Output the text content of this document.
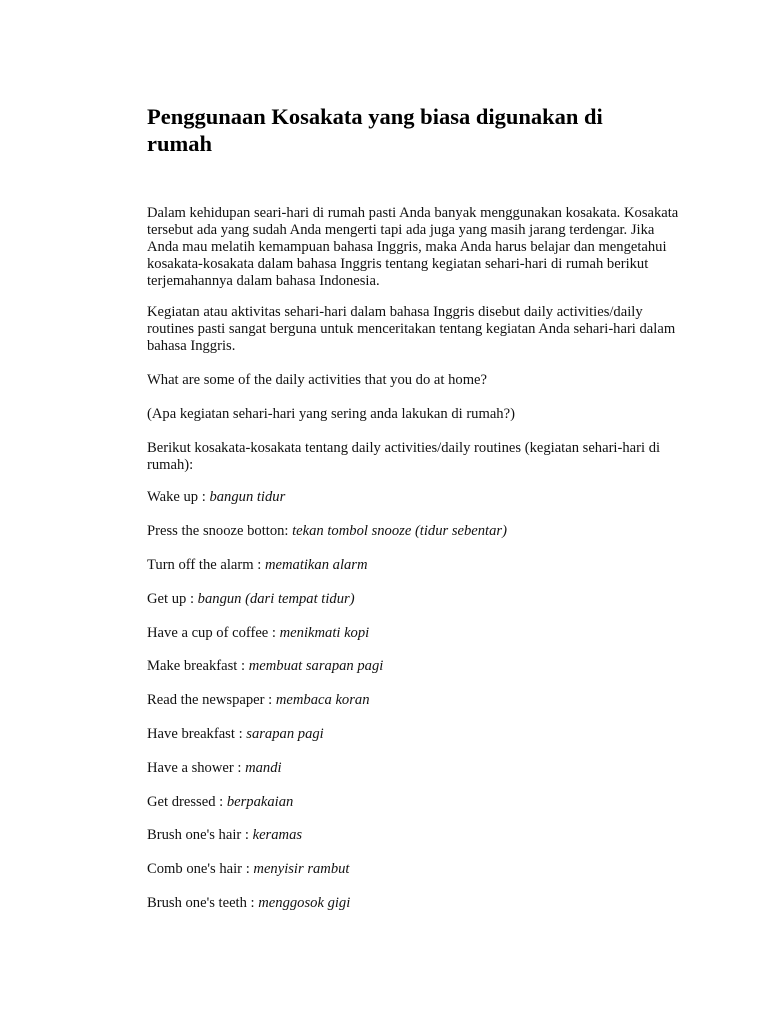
Penggunaan Kosakata yang biasa digunakan di rumah

Dalam kehidupan seari-hari di rumah pasti Anda banyak menggunakan kosakata. Kosakata tersebut ada yang sudah Anda mengerti tapi ada juga yang masih jarang terdengar. Jika Anda mau melatih kemampuan bahasa Inggris, maka Anda harus belajar dan mengetahui kosakata-kosakata dalam bahasa Inggris tentang kegiatan sehari-hari di rumah berikut terjemahannya dalam bahasa Indonesia.

Kegiatan atau aktivitas sehari-hari dalam bahasa Inggris disebut daily activities/daily routines pasti sangat berguna untuk menceritakan tentang kegiatan Anda sehari-hari dalam bahasa Inggris.

What are some of the daily activities that you do at home?

(Apa kegiatan sehari-hari yang sering anda lakukan di rumah?)

Berikut kosakata-kosakata tentang daily activities/daily routines (kegiatan sehari-hari di rumah):

Wake up : bangun tidur
Press the snooze botton: tekan tombol snooze (tidur sebentar)
Turn off the alarm : mematikan alarm
Get up : bangun (dari tempat tidur)
Have a cup of coffee : menikmati kopi
Make breakfast : membuat sarapan pagi
Read the newspaper : membaca koran
Have breakfast : sarapan pagi
Have a shower : mandi
Get dressed : berpakaian
Brush one's hair : keramas
Comb one's hair : menyisir rambut
Brush one's teeth : menggosok gigi
